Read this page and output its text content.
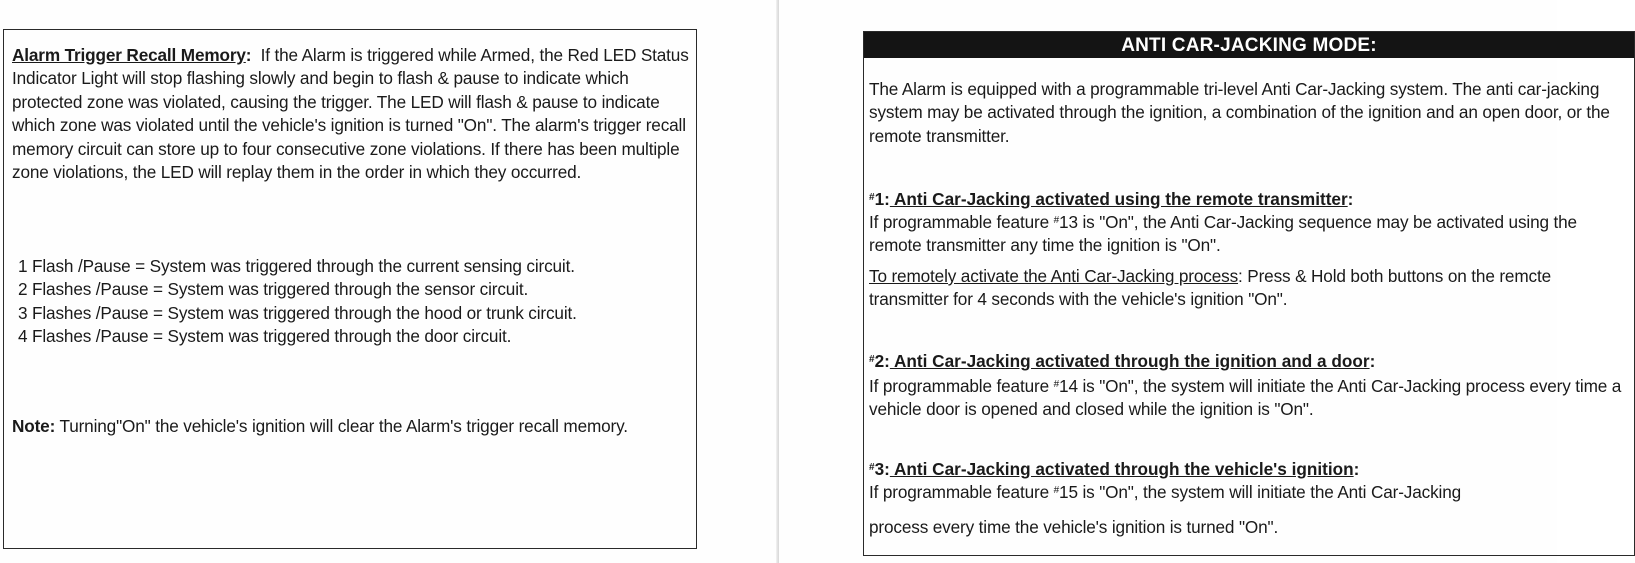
Alarm Trigger Recall Memory:  If the Alarm is triggered while Armed, the Red LED Status Indicator Light will stop flashing slowly and begin to flash & pause to indicate which protected zone was violated, causing the trigger. The LED will flash & pause to indicate which zone was violated until the vehicle's ignition is turned "On". The alarm's trigger recall memory circuit can store up to four consecutive zone violations. If there has been multiple zone violations, the LED will replay them in the order in which they occurred.

1 Flash /Pause = System was triggered through the current sensing circuit.
2 Flashes /Pause = System was triggered through the sensor circuit.
3 Flashes /Pause = System was triggered through the hood or trunk circuit.
4 Flashes /Pause = System was triggered through the door circuit.

Note: Turning"On" the vehicle's ignition will clear the Alarm's trigger recall memory.

ANTI CAR-JACKING MODE:

The Alarm is equipped with a programmable tri-level Anti Car-Jacking system. The anti car-jacking system may be activated through the ignition, a combination of the ignition and an open door, or the remote transmitter.

#1: Anti Car-Jacking activated using the remote transmitter:

If programmable feature #13 is "On", the Anti Car-Jacking sequence may be activated using the remote transmitter any time the ignition is "On".

To remotely activate the Anti Car-Jacking process: Press & Hold both buttons on the remcte transmitter for 4 seconds with the vehicle's ignition "On".

#2: Anti Car-Jacking activated through the ignition and a door:

If programmable feature #14 is "On", the system will initiate the Anti Car-Jacking process every time a vehicle door is opened and closed while the ignition is "On".

#3: Anti Car-Jacking activated through the vehicle's ignition:

If programmable feature #15 is "On", the system will initiate the Anti Car-Jacking

process every time the vehicle's ignition is turned "On".
